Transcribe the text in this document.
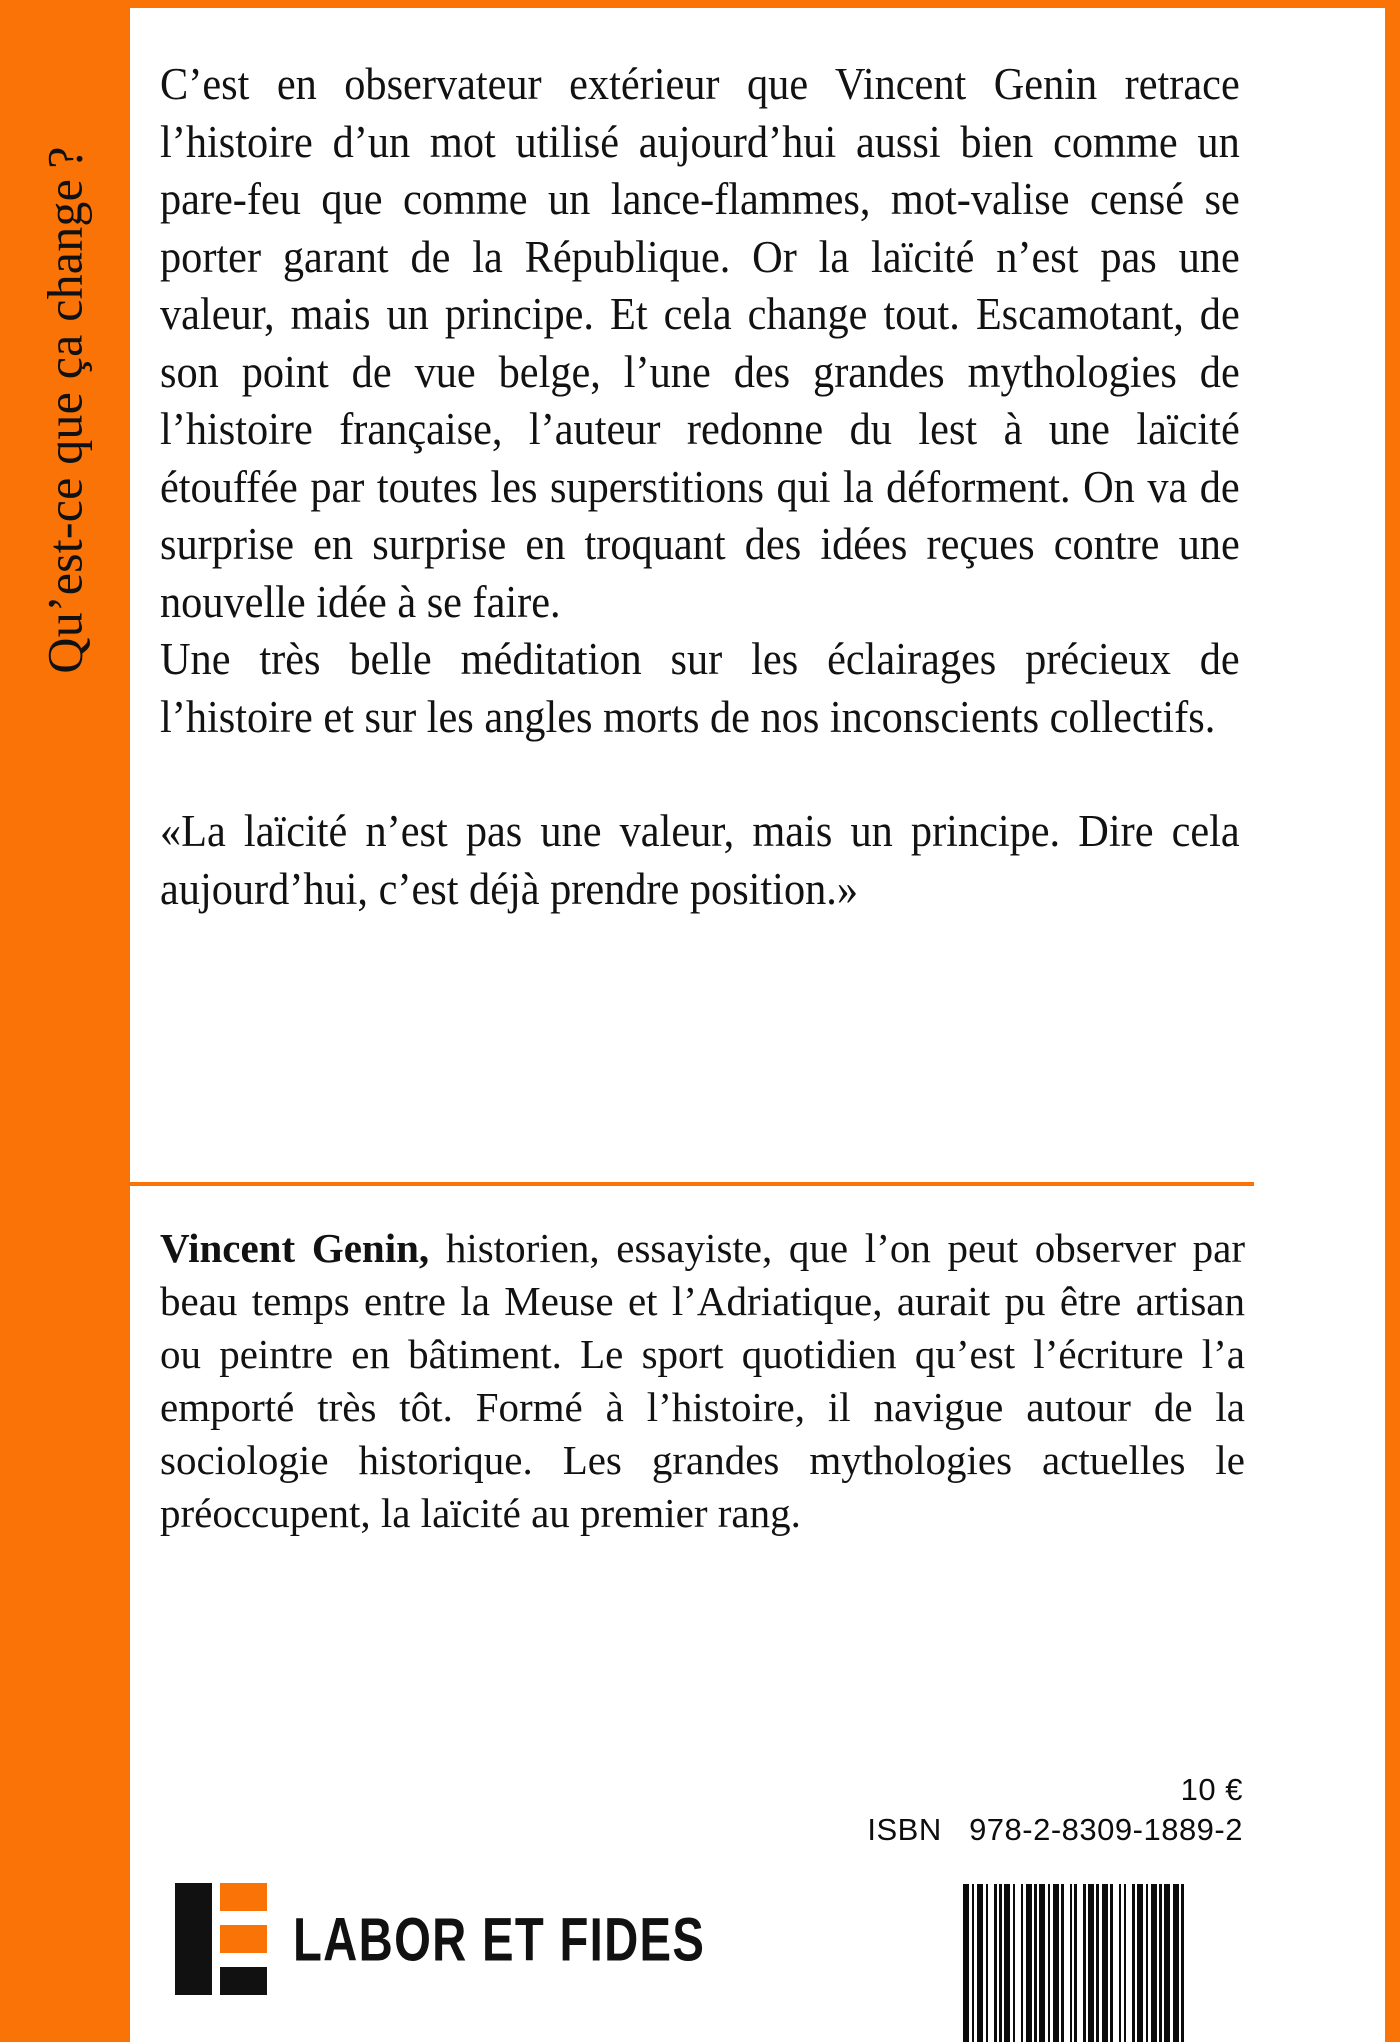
Qu’est-ce que ça change ?

C’est en observateur extérieur que Vincent Genin retrace l’histoire d’un mot utilisé aujourd’hui aussi bien comme un pare-feu que comme un lance-flammes, mot-valise censé se porter garant de la République. Or la laïcité n’est pas une valeur, mais un principe. Et cela change tout. Escamotant, de son point de vue belge, l’une des grandes mythologies de l’histoire française, l’auteur redonne du lest à une laïcité étouffée par toutes les superstitions qui la déforment. On va de surprise en surprise en troquant des idées reçues contre une nouvelle idée à se faire.

Une très belle méditation sur les éclairages précieux de l’histoire et sur les angles morts de nos inconscients collectifs.

«La laïcité n’est pas une valeur, mais un principe. Dire cela aujourd’hui, c’est déjà prendre position.»

Vincent Genin, historien, essayiste, que l’on peut observer par beau temps entre la Meuse et l’Adriatique, aurait pu être artisan ou peintre en bâtiment. Le sport quotidien qu’est l’écriture l’a emporté très tôt. Formé à l’histoire, il navigue autour de la sociologie historique. Les grandes mythologies actuelles le préoccupent, la laïcité au premier rang.

10 €
ISBN   978-2-8309-1889-2
LABOR ET FIDES
